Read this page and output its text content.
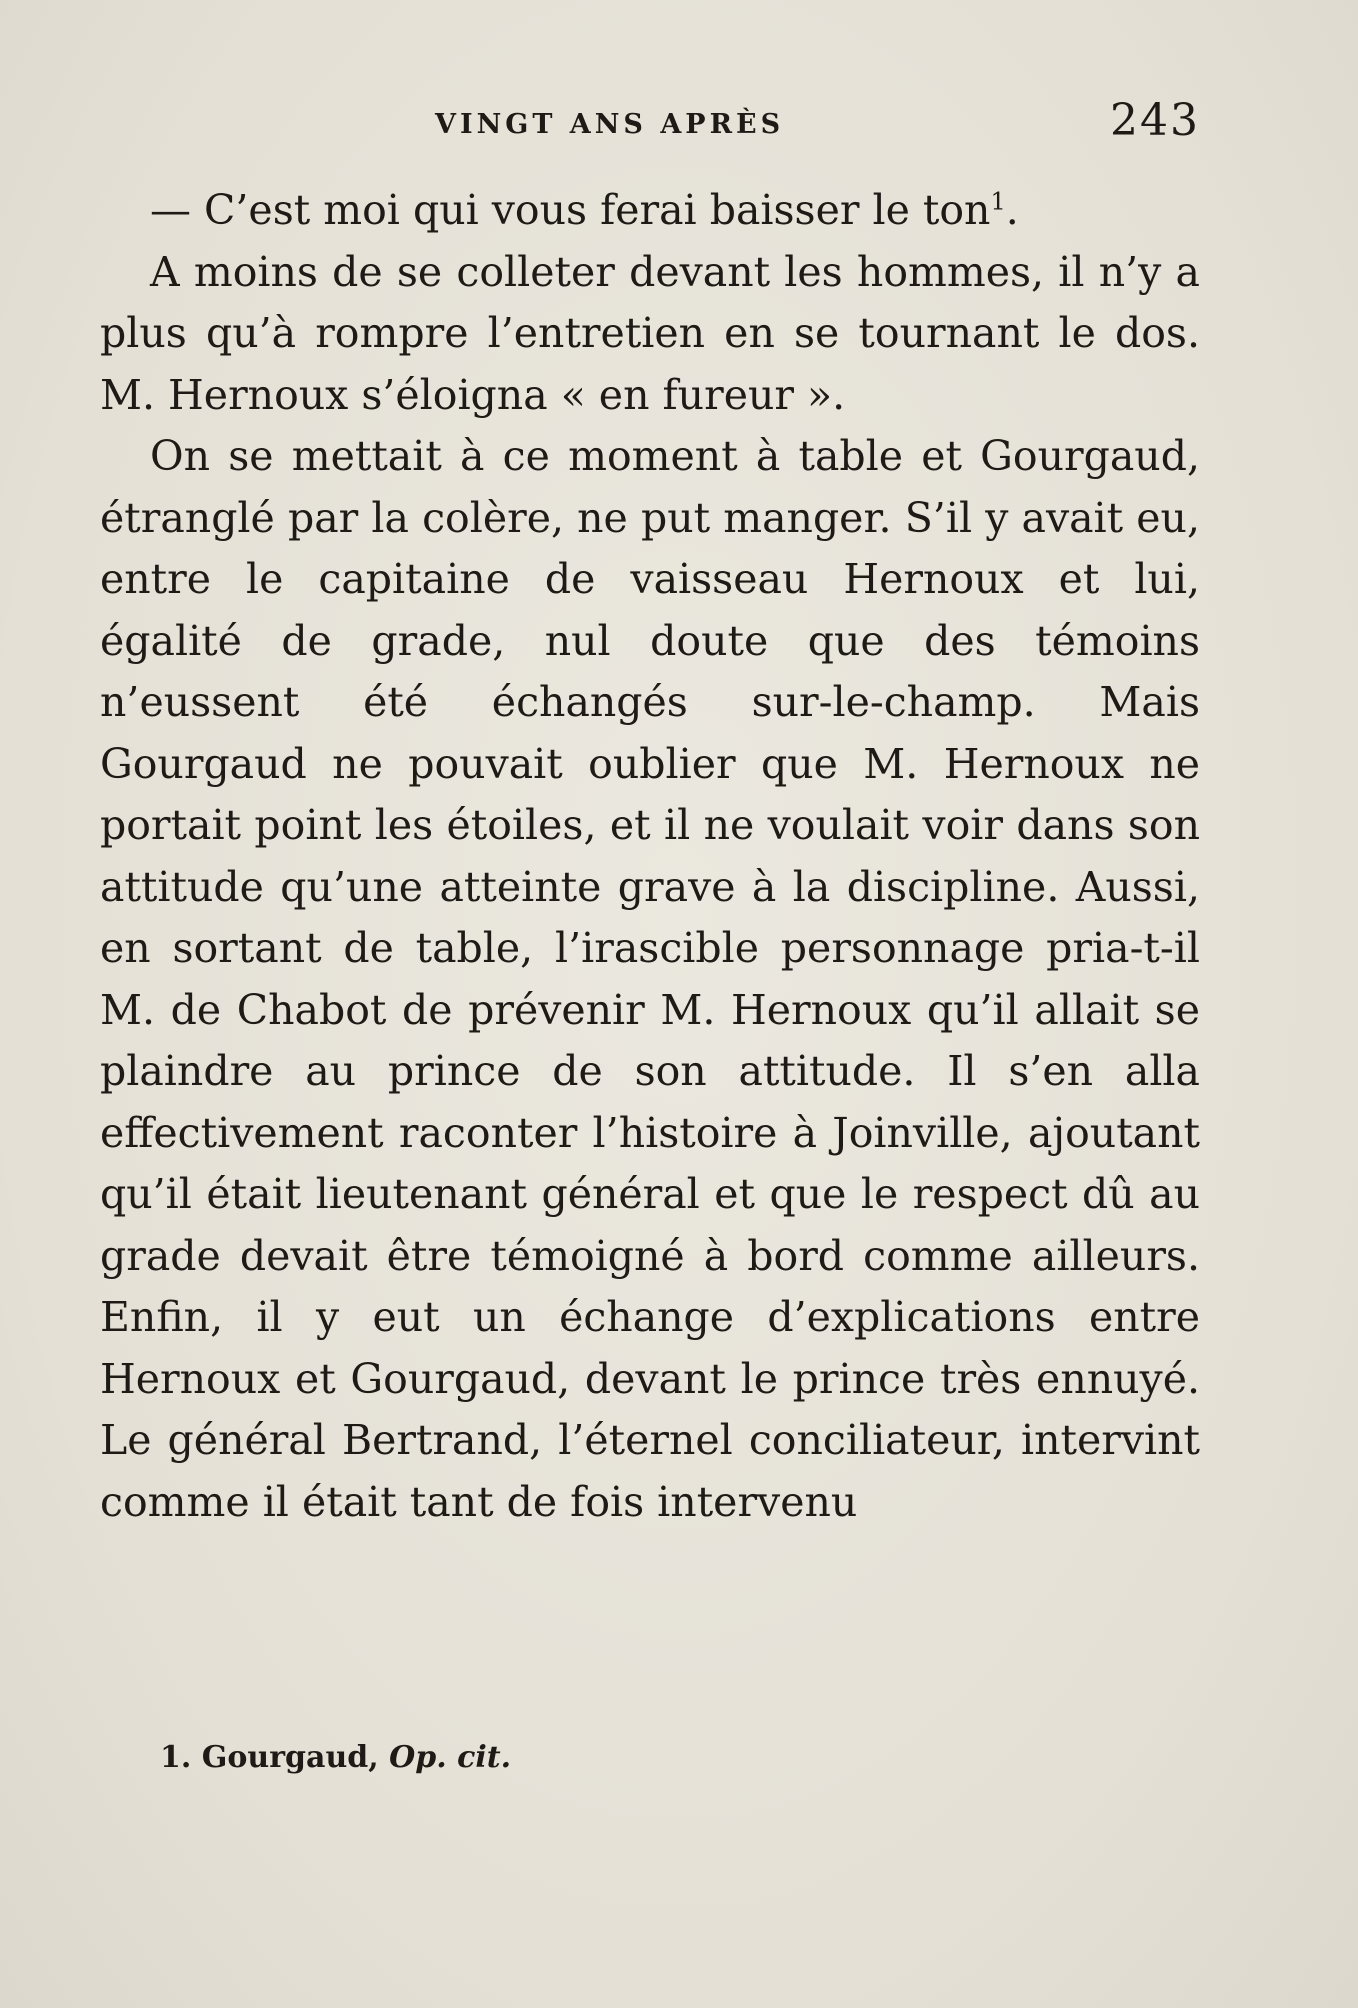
VINGT ANS APRÈS	243

— C’est moi qui vous ferai baisser le ton$^1$.

A moins de se colleter devant les hommes, il n’y a plus qu’à rompre l’entretien en se tournant le dos. M. Hernoux s’éloigna « en fureur ».

On se mettait à ce moment à table et Gourgaud, étranglé par la colère, ne put manger. S’il y avait eu, entre le capitaine de vaisseau Hernoux et lui, égalité de grade, nul doute que des témoins n’eussent été échangés sur-le-champ. Mais Gourgaud ne pouvait oublier que M. Hernoux ne portait point les étoiles, et il ne voulait voir dans son attitude qu’une atteinte grave à la discipline. Aussi, en sortant de table, l’irascible personnage pria-t-il M. de Chabot de prévenir M. Hernoux qu’il allait se plaindre au prince de son attitude. Il s’en alla effectivement raconter l’histoire à Joinville, ajoutant qu’il était lieutenant général et que le respect dû au grade devait être témoigné à bord comme ailleurs. Enfin, il y eut un échange d’explications entre Hernoux et Gourgaud, devant le prince très ennuyé. Le général Bertrand, l’éternel conciliateur, intervint comme il était tant de fois intervenu

1. Gourgaud, Op. cit.
